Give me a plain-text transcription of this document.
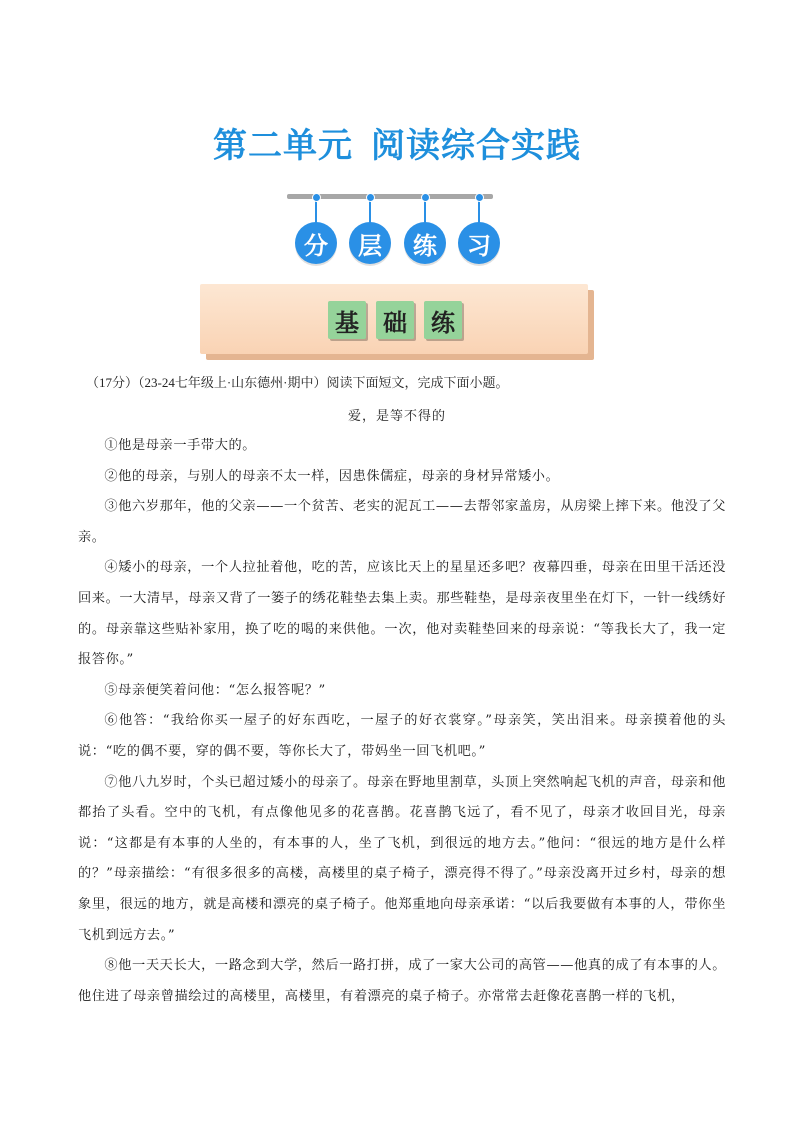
第二单元 阅读综合实践
分	层	练	习
基 础 练
（17分）（23-24七年级上·山东德州·期中）阅读下面短文，完成下面小题。
爱，是等不得的

①他是母亲一手带大的。

②他的母亲，与别人的母亲不太一样，因患侏儒症，母亲的身材异常矮小。

③他六岁那年，他的父亲——一个贫苦、老实的泥瓦工——去帮邻家盖房，从房梁上摔下来。他没了父亲。

④矮小的母亲，一个人拉扯着他，吃的苦，应该比天上的星星还多吧？夜幕四垂，母亲在田里干活还没回来。一大清早，母亲又背了一篓子的绣花鞋垫去集上卖。那些鞋垫，是母亲夜里坐在灯下，一针一线绣好的。母亲靠这些贴补家用，换了吃的喝的来供他。一次，他对卖鞋垫回来的母亲说：“等我长大了，我一定报答你。”

⑤母亲便笑着问他：“怎么报答呢？”

⑥他答：“我给你买一屋子的好东西吃，一屋子的好衣裳穿。”母亲笑，笑出泪来。母亲摸着他的头说：“吃的偶不要，穿的偶不要，等你长大了，带妈坐一回飞机吧。”

⑦他八九岁时，个头已超过矮小的母亲了。母亲在野地里割草，头顶上突然响起飞机的声音，母亲和他都抬了头看。空中的飞机，有点像他见多的花喜鹊。花喜鹊飞远了，看不见了，母亲才收回目光，母亲说：“这都是有本事的人坐的，有本事的人，坐了飞机，到很远的地方去。”他问：“很远的地方是什么样的？”母亲描绘：“有很多很多的高楼，高楼里的桌子椅子，漂亮得不得了。”母亲没离开过乡村，母亲的想象里，很远的地方，就是高楼和漂亮的桌子椅子。他郑重地向母亲承诺：“以后我要做有本事的人，带你坐飞机到远方去。”

⑧他一天天长大，一路念到大学，然后一路打拼，成了一家大公司的高管——他真的成了有本事的人。他住进了母亲曾描绘过的高楼里，高楼里，有着漂亮的桌子椅子。亦常常去赶像花喜鹊一样的飞机，
